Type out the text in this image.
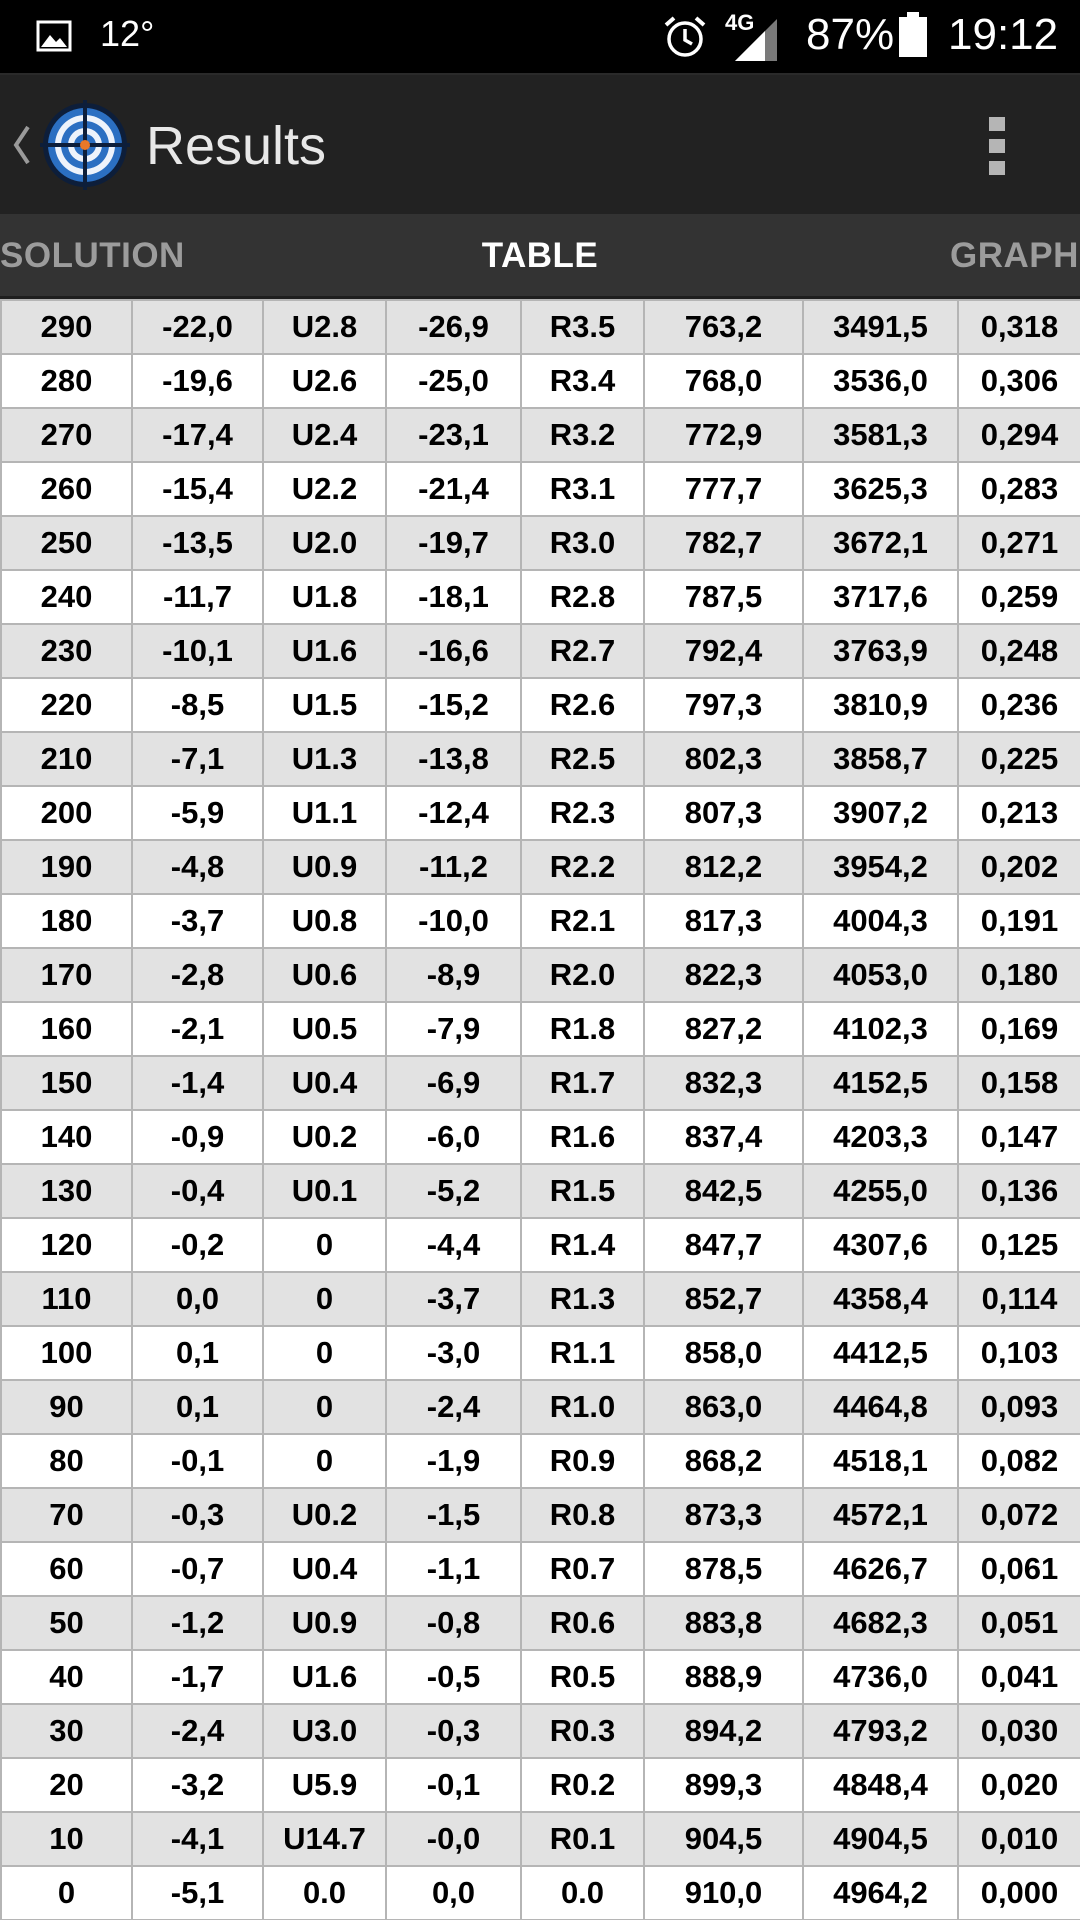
12°	4G 87% 19:12
Results
SOLUTION	TABLE	GRAPH
290	-22,0	U2.8	-26,9	R3.5	763,2	3491,5	0,318
280	-19,6	U2.6	-25,0	R3.4	768,0	3536,0	0,306
270	-17,4	U2.4	-23,1	R3.2	772,9	3581,3	0,294
260	-15,4	U2.2	-21,4	R3.1	777,7	3625,3	0,283
250	-13,5	U2.0	-19,7	R3.0	782,7	3672,1	0,271
240	-11,7	U1.8	-18,1	R2.8	787,5	3717,6	0,259
230	-10,1	U1.6	-16,6	R2.7	792,4	3763,9	0,248
220	-8,5	U1.5	-15,2	R2.6	797,3	3810,9	0,236
210	-7,1	U1.3	-13,8	R2.5	802,3	3858,7	0,225
200	-5,9	U1.1	-12,4	R2.3	807,3	3907,2	0,213
190	-4,8	U0.9	-11,2	R2.2	812,2	3954,2	0,202
180	-3,7	U0.8	-10,0	R2.1	817,3	4004,3	0,191
170	-2,8	U0.6	-8,9	R2.0	822,3	4053,0	0,180
160	-2,1	U0.5	-7,9	R1.8	827,2	4102,3	0,169
150	-1,4	U0.4	-6,9	R1.7	832,3	4152,5	0,158
140	-0,9	U0.2	-6,0	R1.6	837,4	4203,3	0,147
130	-0,4	U0.1	-5,2	R1.5	842,5	4255,0	0,136
120	-0,2	0	-4,4	R1.4	847,7	4307,6	0,125
110	0,0	0	-3,7	R1.3	852,7	4358,4	0,114
100	0,1	0	-3,0	R1.1	858,0	4412,5	0,103
90	0,1	0	-2,4	R1.0	863,0	4464,8	0,093
80	-0,1	0	-1,9	R0.9	868,2	4518,1	0,082
70	-0,3	U0.2	-1,5	R0.8	873,3	4572,1	0,072
60	-0,7	U0.4	-1,1	R0.7	878,5	4626,7	0,061
50	-1,2	U0.9	-0,8	R0.6	883,8	4682,3	0,051
40	-1,7	U1.6	-0,5	R0.5	888,9	4736,0	0,041
30	-2,4	U3.0	-0,3	R0.3	894,2	4793,2	0,030
20	-3,2	U5.9	-0,1	R0.2	899,3	4848,4	0,020
10	-4,1	U14.7	-0,0	R0.1	904,5	4904,5	0,010
0	-5,1	0.0	0,0	0.0	910,0	4964,2	0,000
